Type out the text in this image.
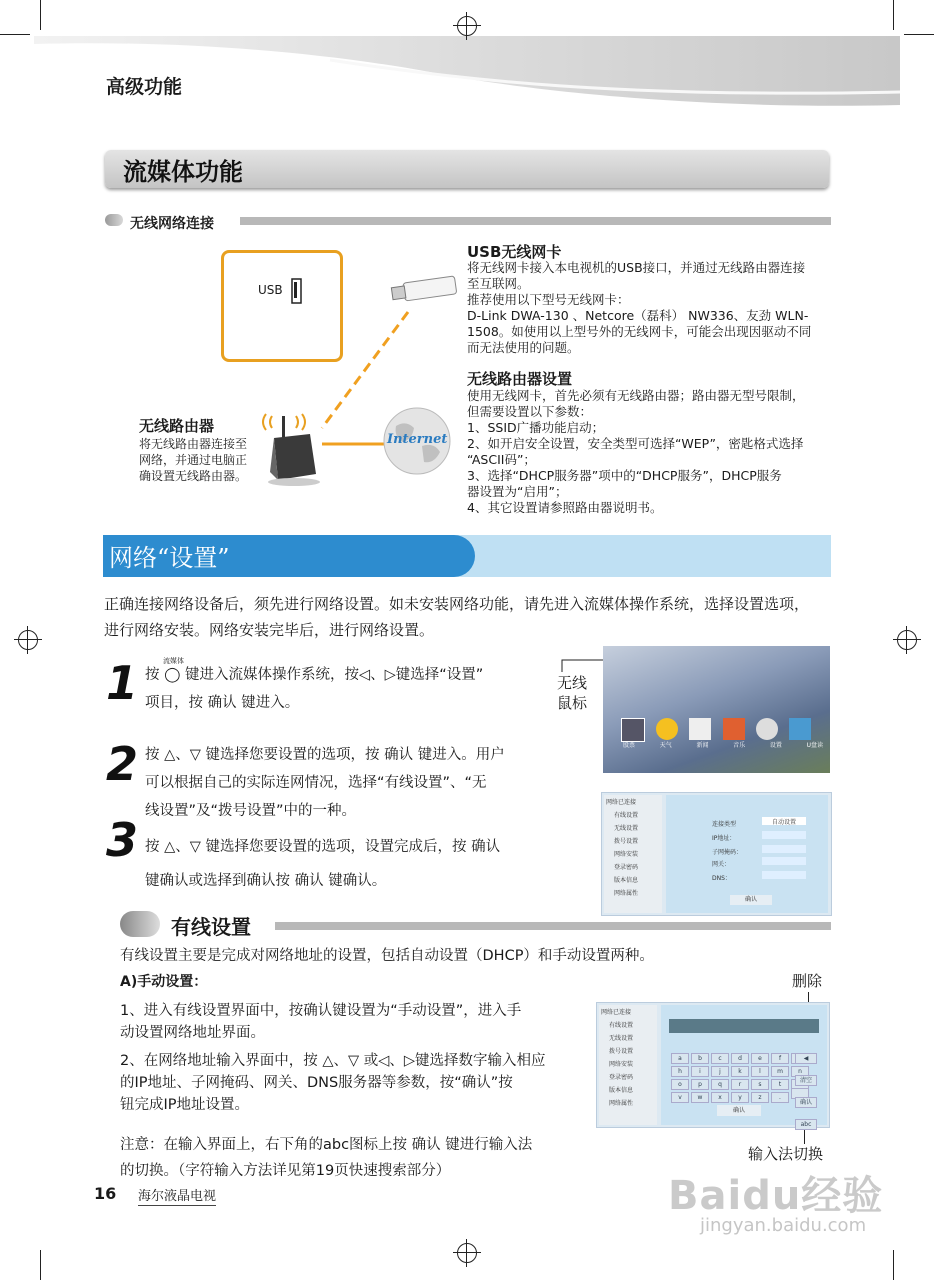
高级功能
流媒体功能
无线网络连接
USB
Internet
无线路由器
将无线路由器连接至
网络，并通过电脑正
确设置无线路由器。
USB无线网卡
将无线网卡接入本电视机的USB接口，并通过无线路由器连接
至互联网。
推荐使用以下型号无线网卡：
D-Link DWA-130 、Netcore（磊科） NW336、友劲 WLN-
1508。如使用以上型号外的无线网卡，可能会出现因驱动不同
而无法使用的问题。
无线路由器设置
使用无线网卡，首先必须有无线路由器；路由器无型号限制，
但需要设置以下参数：
1、SSID广播功能启动；
2、如开启安全设置，安全类型可选择“WEP”，密匙格式选择
“ASCII码”；
3、选择“DHCP服务器”项中的“DHCP服务”，DHCP服务
器设置为“启用”；
4、其它设置请参照路由器说明书。
网络“设置”
正确连接网络设备后，须先进行网络设置。如未安装网络功能，请先进入流媒体操作系统，选择设置选项，
进行网络安装。网络安装完毕后，进行网络设置。
1	流媒体
按 ◯ 键进入流媒体操作系统，按◁、▷键选择“设置”
项目，按 确认 键进入。
2 按 △、▽ 键选择您要设置的选项，按 确认 键进入。用户
可以根据自己的实际连网情况，选择“有线设置”、“无
线设置”及“拨号设置”中的一种。
3 按 △、▽ 键选择您要设置的选项，设置完成后，按 确认
键确认或选择到确认按 确认 键确认。
无线
鼠标
股票	天气	新闻	音乐	设置	U盘读
网络已连接
有线设置
无线设置
拨号设置
网络安装
登录密码
版本信息
网络属性
连接类型	自动设置
IP地址：
子网掩码：
网关：
DNS：
确认
有线设置
有线设置主要是完成对网络地址的设置，包括自动设置（DHCP）和手动设置两种。
A)手动设置：
1、进入有线设置界面中，按确认键设置为“手动设置”，进入手
动设置网络地址界面。
2、在网络地址输入界面中，按 △、▽ 或◁、▷键选择数字输入相应
的IP地址、子网掩码、网关、DNS服务器等参数，按“确认”按
钮完成IP地址设置。
注意：在输入界面上，右下角的abc图标上按 确认 键进行输入法
的切换。（字符输入方法详见第19页快速搜索部分）
删除
输入法切换
网络已连接
有线设置
无线设置
拨号设置
网络安装
登录密码
版本信息
网络属性
a	b	c	d	e	f
h	i	j	k	l	m	n
o	p	q	r	s	t
v	w	x	y	z	.
◀ 清空 确认 abc
确认
16 海尔液晶电视	Baidu经验
jingyan.baidu.com
